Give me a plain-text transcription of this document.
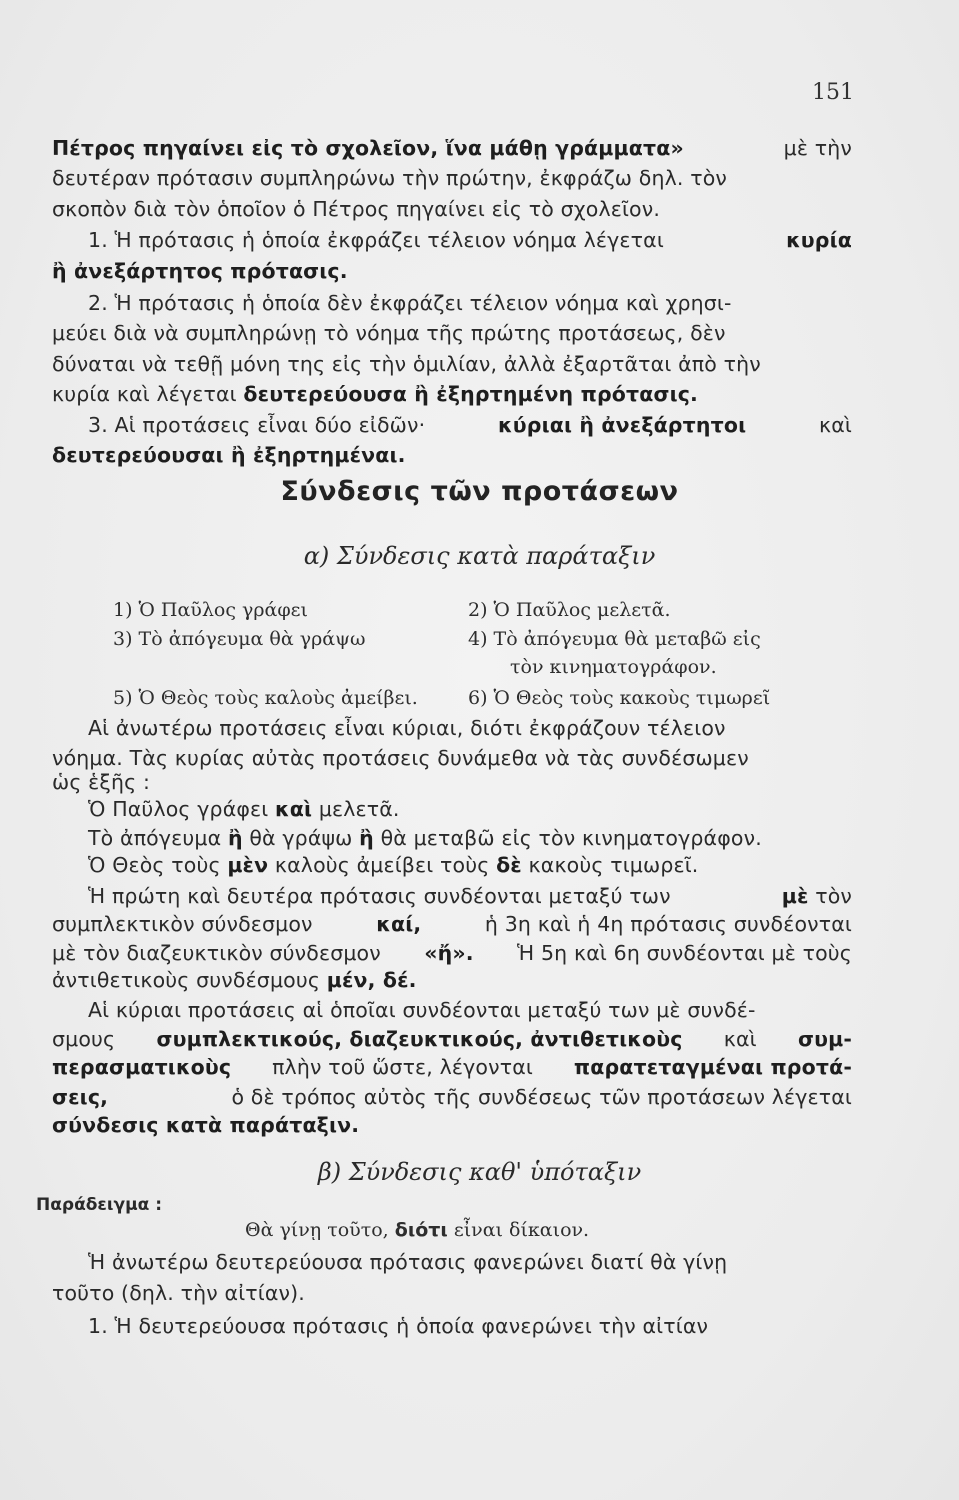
151
Πέτρος πηγαίνει εἰς τὸ σχολεῖον, ἵνα μάθῃ γράμματα»	μὲ τὴν
δευτέραν πρότασιν συμπληρώνω τὴν πρώτην, ἐκφράζω δηλ. τὸν
σκοπὸν διὰ τὸν ὁποῖον ὁ Πέτρος πηγαίνει εἰς τὸ σχολεῖον.
1. Ἡ πρότασις ἡ ὁποία ἐκφράζει τέλειον νόημα λέγεται	κυρία
ἢ ἀνεξάρτητος πρότασις.
2. Ἡ πρότασις ἡ ὁποία δὲν ἐκφράζει τέλειον νόημα καὶ χρησι-
μεύει διὰ νὰ συμπληρώνῃ τὸ νόημα τῆς πρώτης προτάσεως, δὲν
δύναται νὰ τεθῇ μόνη της εἰς τὴν ὁμιλίαν, ἀλλὰ ἐξαρτᾶται ἀπὸ τὴν
κυρία καὶ λέγεται δευτερεύουσα ἢ ἐξηρτημένη πρότασις.
3. Αἱ προτάσεις εἶναι δύο εἰδῶν·	κύριαι ἢ ἀνεξάρτητοι	καὶ
δευτερεύουσαι ἢ ἐξηρτημέναι.
Σύνδεσις τῶν προτάσεων
α) Σύνδεσις κατὰ παράταξιν
1) Ὁ Παῦλος γράφει	2) Ὁ Παῦλος μελετᾶ.
3) Τὸ ἀπόγευμα θὰ γράψω	4) Τὸ ἀπόγευμα θὰ μεταβῶ εἰς
τὸν κινηματογράφον.
5) Ὁ Θεὸς τοὺς καλοὺς ἀμείβει.	6) Ὁ Θεὸς τοὺς κακοὺς τιμωρεῖ
Αἱ ἀνωτέρω προτάσεις εἶναι κύριαι, διότι ἐκφράζουν τέλειον
νόημα. Τὰς κυρίας αὐτὰς προτάσεις δυνάμεθα νὰ τὰς συνδέσωμεν
ὡς ἑξῆς :
Ὁ Παῦλος γράφει καὶ μελετᾶ.
Τὸ ἀπόγευμα ἢ θὰ γράψω ἢ θὰ μεταβῶ εἰς τὸν κινηματογράφον.
Ὁ Θεὸς τοὺς μὲν καλοὺς ἀμείβει τοὺς δὲ κακοὺς τιμωρεῖ.
Ἡ πρώτη καὶ δευτέρα πρότασις συνδέονται μεταξύ των	μὲ τὸν
συμπλεκτικὸν σύνδεσμον	καί,	ἡ 3η καὶ ἡ 4η πρότασις συνδέονται
μὲ τὸν διαζευκτικὸν σύνδεσμον «ἤ». Ἡ 5η καὶ 6η συνδέονται μὲ τοὺς
ἀντιθετικοὺς συνδέσμους μέν, δέ.
Αἱ κύριαι προτάσεις αἱ ὁποῖαι συνδέονται μεταξύ των μὲ συνδέ-
σμους συμπλεκτικούς, διαζευκτικούς, ἀντιθετικοὺς καὶ συμ-
περασματικοὺς πλὴν τοῦ ὥστε, λέγονται παρατεταγμέναι προτά-
σεις,	ὁ δὲ τρόπος αὐτὸς τῆς συνδέσεως τῶν προτάσεων λέγεται
σύνδεσις κατὰ παράταξιν.
β) Σύνδεσις καθ' ὑπόταξιν
Παράδειγμα :
Θὰ γίνῃ τοῦτο, διότι εἶναι δίκαιον.
Ἡ ἀνωτέρω δευτερεύουσα πρότασις φανερώνει διατί θὰ γίνῃ
τοῦτο (δηλ. τὴν αἰτίαν).
1. Ἡ δευτερεύουσα πρότασις ἡ ὁποία φανερώνει τὴν αἰτίαν
